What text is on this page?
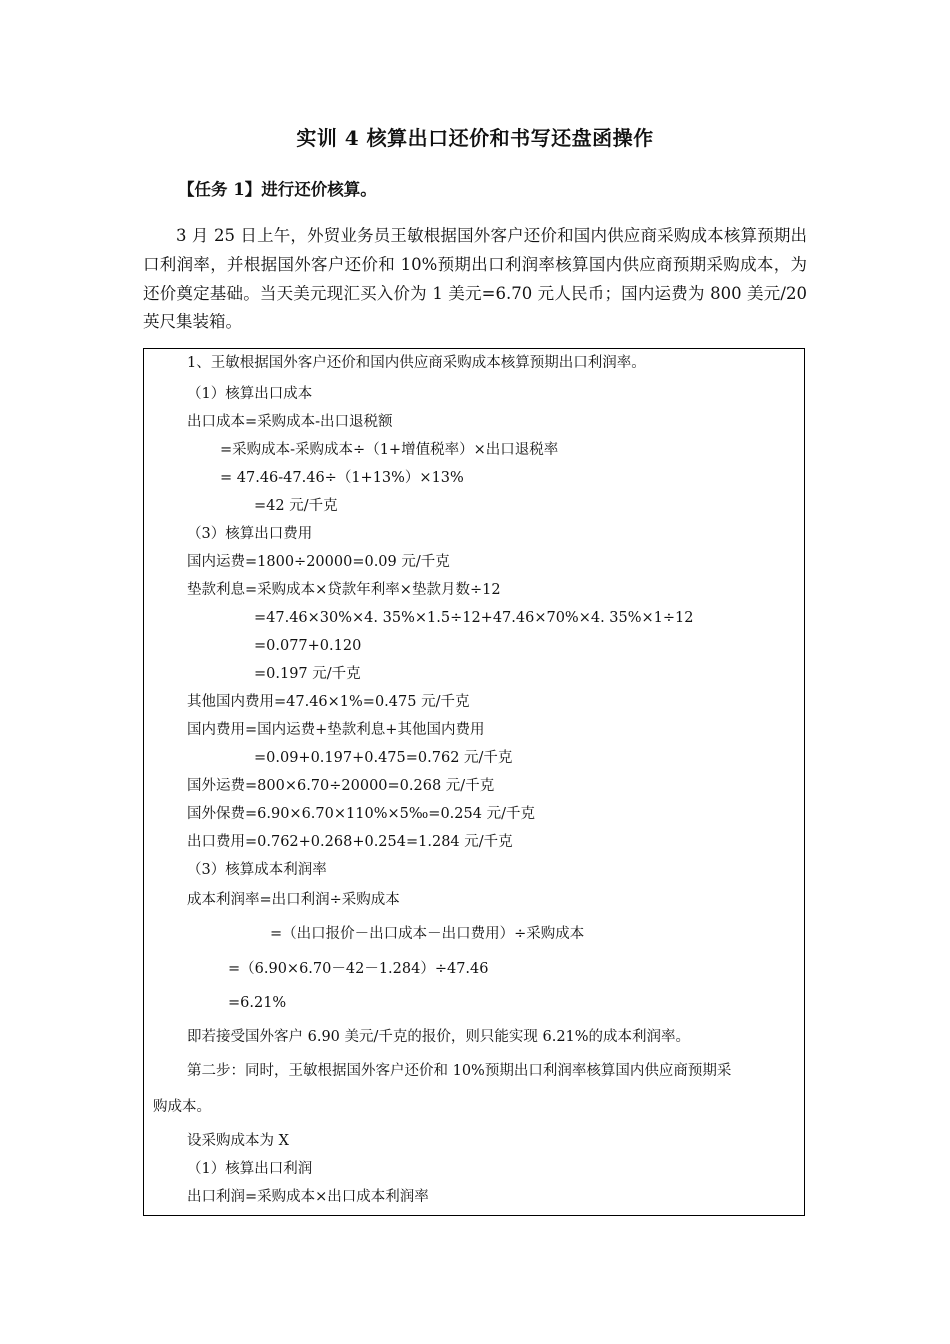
实训 4 核算出口还价和书写还盘函操作
【任务 1】进行还价核算。
3 月 25 日上午，外贸业务员王敏根据国外客户还价和国内供应商采购成本核算预期出口利润率，并根据国外客户还价和 10%预期出口利润率核算国内供应商预期采购成本，为还价奠定基础。当天美元现汇买入价为 1 美元=6.70 元人民币；国内运费为 800 美元/20 英尺集装箱。
1、王敏根据国外客户还价和国内供应商采购成本核算预期出口利润率。
（1）核算出口成本
出口成本=采购成本-出口退税额
=采购成本-采购成本÷（1+增值税率）×出口退税率
= 47.46-47.46÷（1+13%）×13%
=42 元/千克
（3）核算出口费用
国内运费=1800÷20000=0.09 元/千克
垫款利息=采购成本×贷款年利率×垫款月数÷12
=47.46×30%×4. 35%×1.5÷12+47.46×70%×4. 35%×1÷12
=0.077+0.120
=0.197 元/千克
其他国内费用=47.46×1%=0.475 元/千克
国内费用=国内运费+垫款利息+其他国内费用
=0.09+0.197+0.475=0.762 元/千克
国外运费=800×6.70÷20000=0.268 元/千克
国外保费=6.90×6.70×110%×5‰=0.254 元/千克
出口费用=0.762+0.268+0.254=1.284 元/千克
（3）核算成本利润率
成本利润率=出口利润÷采购成本
=（出口报价－出口成本－出口费用）÷采购成本
=（6.90×6.70－42－1.284）÷47.46
=6.21%
即若接受国外客户 6.90 美元/千克的报价，则只能实现 6.21%的成本利润率。
第二步：同时，王敏根据国外客户还价和 10%预期出口利润率核算国内供应商预期采
购成本。
设采购成本为 X
（1）核算出口利润
出口利润=采购成本×出口成本利润率
